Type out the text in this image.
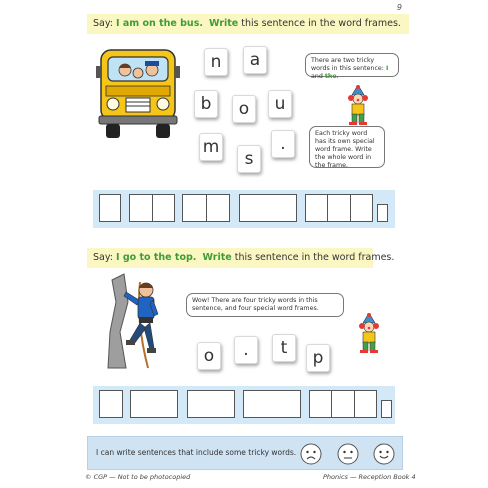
9
Say: I am on the bus. Write this sentence in the word frames.
n	a
b	o	u
m
s
.
There are two tricky words in this sentence: I and the.
Each tricky word has its own special word frame. Write the whole word in the frame.
Say: I go to the top. Write this sentence in the word frames.
Wow! There are four tricky words in this sentence, and four special word frames.
o	.	t	p
I can write sentences that include some tricky words.
© CGP — Not to be photocopied	Phonics — Reception Book 4
